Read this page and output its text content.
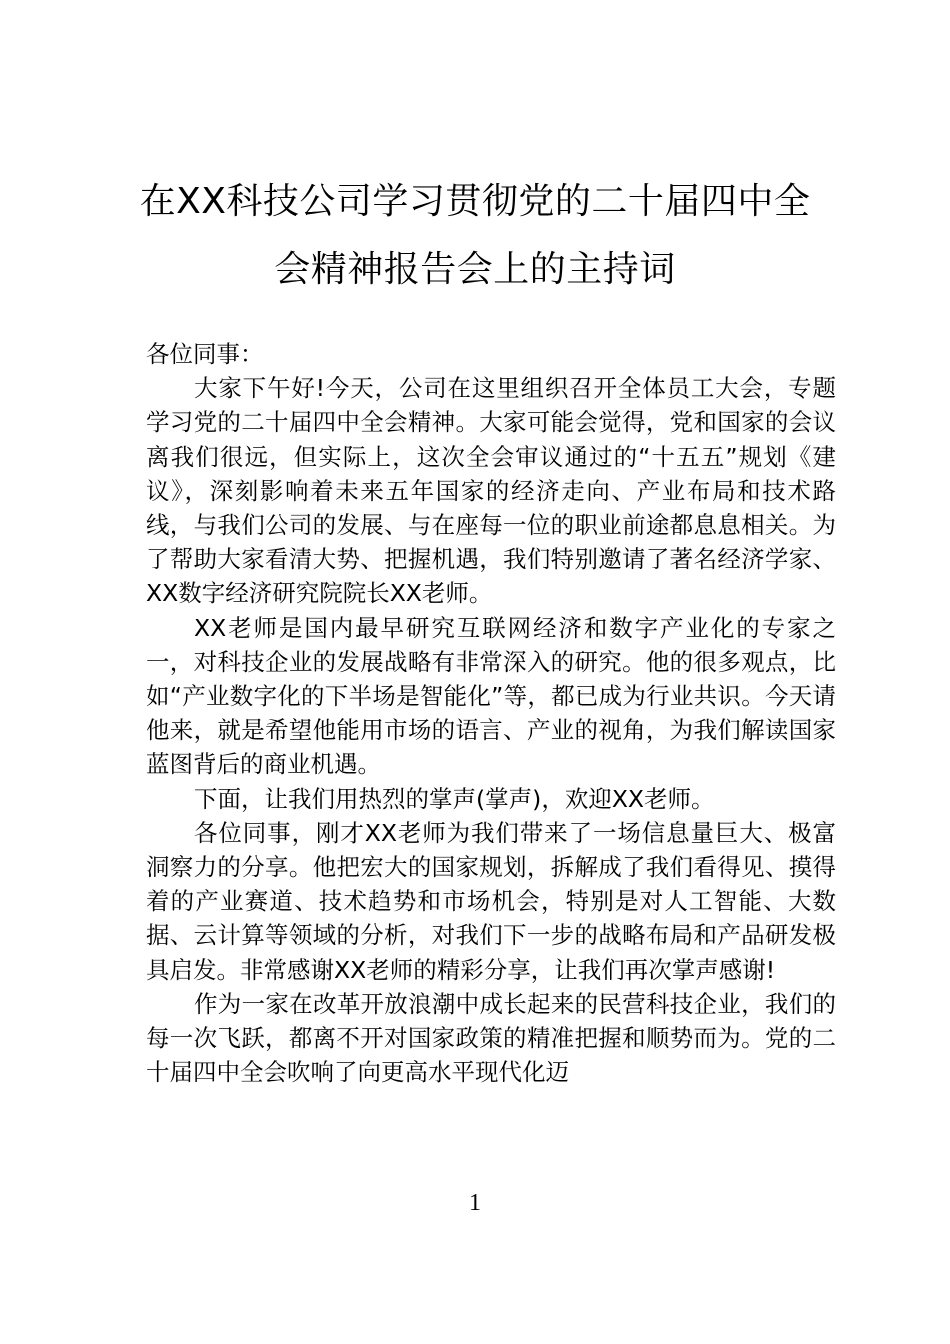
在XX科技公司学习贯彻党的二十届四中全
会精神报告会上的主持词

各位同事：

大家下午好!今天，公司在这里组织召开全体员工大会，专题学习党的二十届四中全会精神。大家可能会觉得，党和国家的会议离我们很远，但实际上，这次全会审议通过的“十五五”规划《建议》，深刻影响着未来五年国家的经济走向、产业布局和技术路线，与我们公司的发展、与在座每一位的职业前途都息息相关。为了帮助大家看清大势、把握机遇，我们特别邀请了著名经济学家、XX数字经济研究院院长XX老师。

XX老师是国内最早研究互联网经济和数字产业化的专家之一，对科技企业的发展战略有非常深入的研究。他的很多观点，比如“产业数字化的下半场是智能化”等，都已成为行业共识。今天请他来，就是希望他能用市场的语言、产业的视角，为我们解读国家蓝图背后的商业机遇。

下面，让我们用热烈的掌声(掌声)，欢迎XX老师。

各位同事，刚才XX老师为我们带来了一场信息量巨大、极富洞察力的分享。他把宏大的国家规划，拆解成了我们看得见、摸得着的产业赛道、技术趋势和市场机会，特别是对人工智能、大数据、云计算等领域的分析，对我们下一步的战略布局和产品研发极具启发。非常感谢XX老师的精彩分享，让我们再次掌声感谢!

作为一家在改革开放浪潮中成长起来的民营科技企业，我们的每一次飞跃，都离不开对国家政策的精准把握和顺势而为。党的二十届四中全会吹响了向更高水平现代化迈

1
